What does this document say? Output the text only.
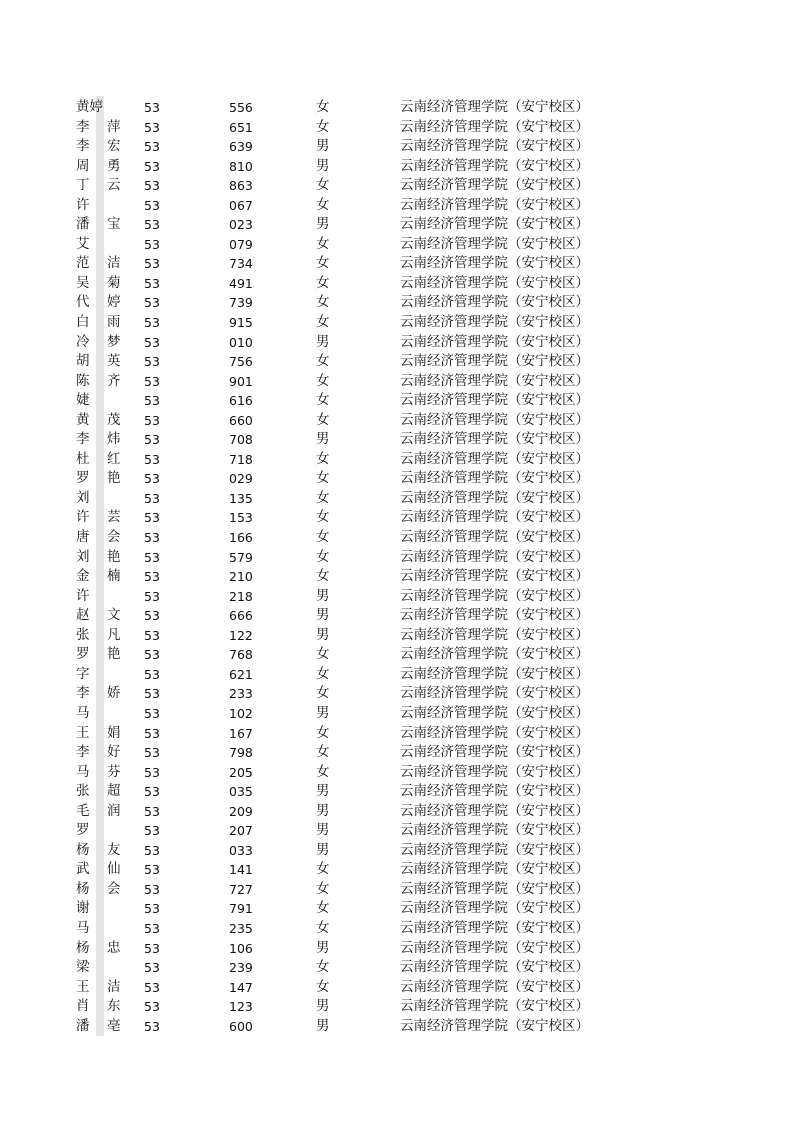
黄婷	53	556	女	云南经济管理学院（安宁校区）
李 萍 53	651	女	云南经济管理学院（安宁校区）
李 宏 53	639	男	云南经济管理学院（安宁校区）
周 勇 53	810	男	云南经济管理学院（安宁校区）
丁 云 53	863	女	云南经济管理学院（安宁校区）
许	53	067	女	云南经济管理学院（安宁校区）
潘 宝 53	023	男	云南经济管理学院（安宁校区）
艾	53	079	女	云南经济管理学院（安宁校区）
范 洁 53	734	女	云南经济管理学院（安宁校区）
吴 菊 53	491	女	云南经济管理学院（安宁校区）
代 婷 53	739	女	云南经济管理学院（安宁校区）
白 雨 53	915	女	云南经济管理学院（安宁校区）
冷 梦 53	010	男	云南经济管理学院（安宁校区）
胡 英 53	756	女	云南经济管理学院（安宁校区）
陈 齐 53	901	女	云南经济管理学院（安宁校区）
婕	53	616	女	云南经济管理学院（安宁校区）
黄 茂 53	660	女	云南经济管理学院（安宁校区）
李 炜 53	708	男	云南经济管理学院（安宁校区）
杜 红 53	718	女	云南经济管理学院（安宁校区）
罗 艳 53	029	女	云南经济管理学院（安宁校区）
刘	53	135	女	云南经济管理学院（安宁校区）
许 芸 53	153	女	云南经济管理学院（安宁校区）
唐 会 53	166	女	云南经济管理学院（安宁校区）
刘 艳 53	579	女	云南经济管理学院（安宁校区）
金 楠 53	210	女	云南经济管理学院（安宁校区）
许	53	218	男	云南经济管理学院（安宁校区）
赵 文 53	666	男	云南经济管理学院（安宁校区）
张 凡 53	122	男	云南经济管理学院（安宁校区）
罗 艳 53	768	女	云南经济管理学院（安宁校区）
字	53	621	女	云南经济管理学院（安宁校区）
李 娇 53	233	女	云南经济管理学院（安宁校区）
马	53	102	男	云南经济管理学院（安宁校区）
王 娟 53	167	女	云南经济管理学院（安宁校区）
李 好 53	798	女	云南经济管理学院（安宁校区）
马 芬 53	205	女	云南经济管理学院（安宁校区）
张 超 53	035	男	云南经济管理学院（安宁校区）
毛 润 53	209	男	云南经济管理学院（安宁校区）
罗	53	207	男	云南经济管理学院（安宁校区）
杨 友 53	033	男	云南经济管理学院（安宁校区）
武 仙 53	141	女	云南经济管理学院（安宁校区）
杨 会 53	727	女	云南经济管理学院（安宁校区）
谢	53	791	女	云南经济管理学院（安宁校区）
马	53	235	女	云南经济管理学院（安宁校区）
杨 忠 53	106	男	云南经济管理学院（安宁校区）
梁	53	239	女	云南经济管理学院（安宁校区）
王 洁 53	147	女	云南经济管理学院（安宁校区）
肖 东 53	123	男	云南经济管理学院（安宁校区）
潘 亳 53	600	男	云南经济管理学院（安宁校区）
